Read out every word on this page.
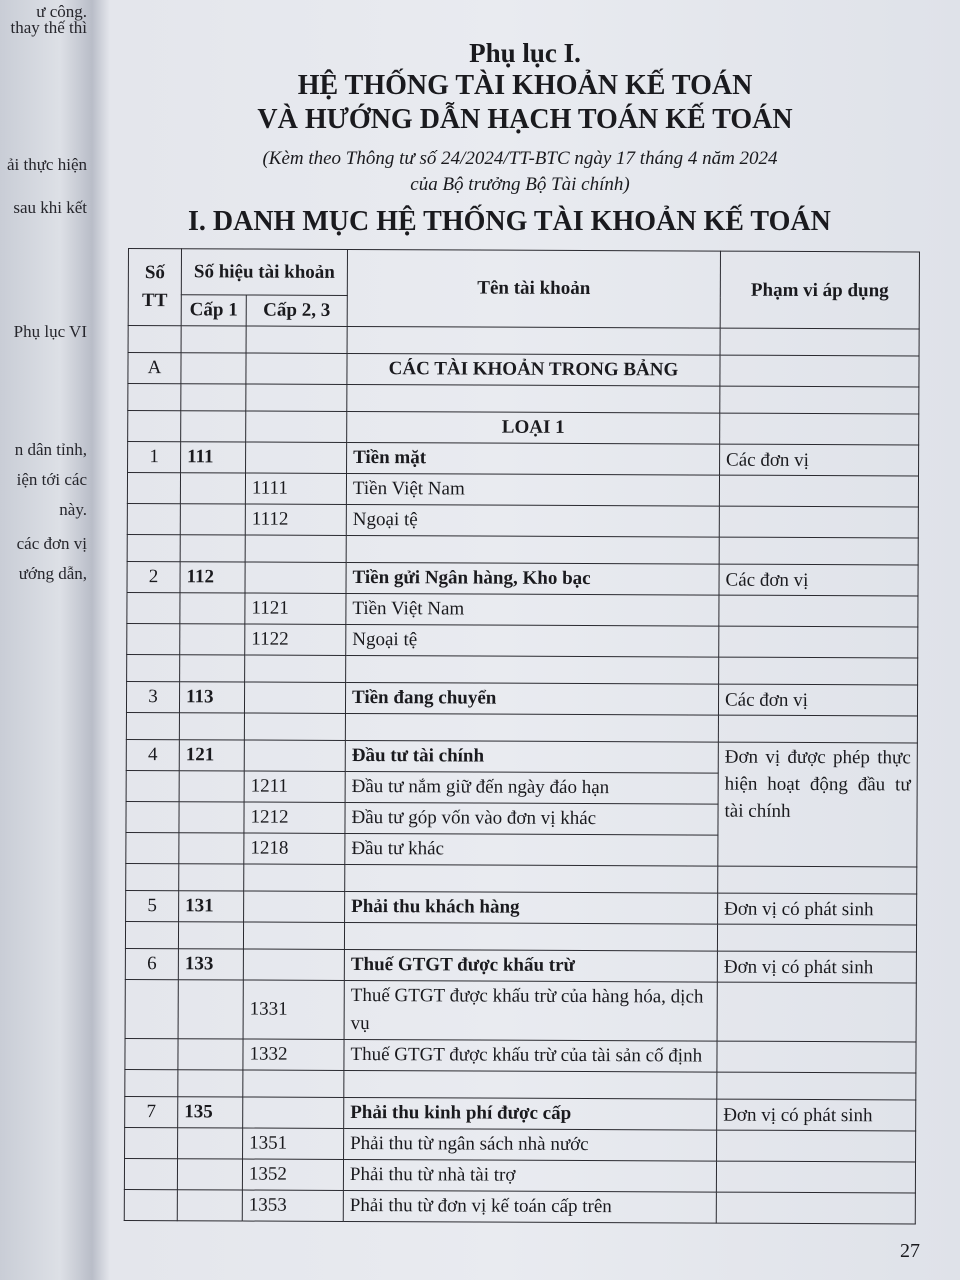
ư công.
thay thế thì
ải thực hiện
sau khi kết
Phụ lục VI
n dân tỉnh,
iện tới các
này.
các đơn vị
ướng dẫn,
Phụ lục I.
HỆ THỐNG TÀI KHOẢN KẾ TOÁN
VÀ HƯỚNG DẪN HẠCH TOÁN KẾ TOÁN
(Kèm theo Thông tư số 24/2024/TT-BTC ngày 17 tháng 4 năm 2024
của Bộ trưởng Bộ Tài chính)
I. DANH MỤC HỆ THỐNG TÀI KHOẢN KẾ TOÁN
Số TT	Số hiệu tài khoản		Tên tài khoản	Phạm vi áp dụng
	Cấp 1	Cấp 2, 3		

A			CÁC TÀI KHOẢN TRONG BẢNG	

			LOẠI 1	
1	111		Tiền mặt	Các đơn vị
		1111	Tiền Việt Nam	
		1112	Ngoại tệ	

2	112		Tiền gửi Ngân hàng, Kho bạc	Các đơn vị
		1121	Tiền Việt Nam	
		1122	Ngoại tệ	

3	113		Tiền đang chuyển	Các đơn vị

4	121		Đầu tư tài chính	Đơn vị được phép thực hiện hoạt động đầu tư tài chính
		1211	Đầu tư nắm giữ đến ngày đáo hạn	
		1212	Đầu tư góp vốn vào đơn vị khác	
		1218	Đầu tư khác	

5	131		Phải thu khách hàng	Đơn vị có phát sinh

6	133		Thuế GTGT được khấu trừ	Đơn vị có phát sinh
		1331	Thuế GTGT được khấu trừ của hàng hóa, dịch vụ	
		1332	Thuế GTGT được khấu trừ của tài sản cố định	

7	135		Phải thu kinh phí được cấp	Đơn vị có phát sinh
		1351	Phải thu từ ngân sách nhà nước	
		1352	Phải thu từ nhà tài trợ	
		1353	Phải thu từ đơn vị kế toán cấp trên	
27
